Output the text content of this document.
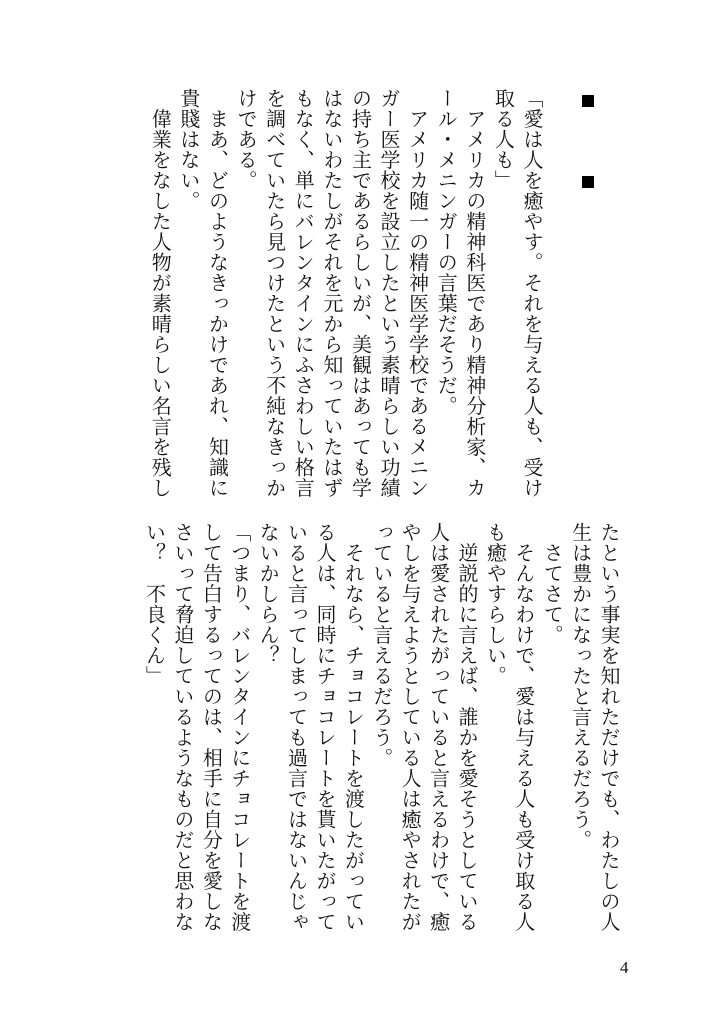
「愛は人を癒やす。それを与える人も、受け
取る人も」
　アメリカの精神科医であり精神分析家、カ
ール・メニンガーの言葉だそうだ。
　アメリカ随一の精神医学学校であるメニン
ガー医学校を設立したという素晴らしい功績
の持ち主であるらしいが、美観はあっても学
はないわたしがそれを元から知っていたはず
もなく、単にバレンタインにふさわしい格言
を調べていたら見つけたという不純なきっか
けである。
　まあ、どのようなきっかけであれ、知識に
貴賤はない。
　偉業をなした人物が素晴らしい名言を残し
たという事実を知れただけでも、わたしの人
生は豊かになったと言えるだろう。
　さてさて。
　そんなわけで、愛は与える人も受け取る人
も癒やすらしい。
　逆説的に言えば、誰かを愛そうとしている
人は愛されたがっていると言えるわけで、癒
やしを与えようとしている人は癒やされたが
っていると言えるだろう。
　それなら、チョコレートを渡したがってい
る人は、同時にチョコレートを貰いたがって
いると言ってしまっても過言ではないんじゃ
ないかしらん？
「つまり、バレンタインにチョコレートを渡
して告白するってのは、相手に自分を愛しな
さいって脅迫しているようなものだと思わな
い？　不良くん」
4
